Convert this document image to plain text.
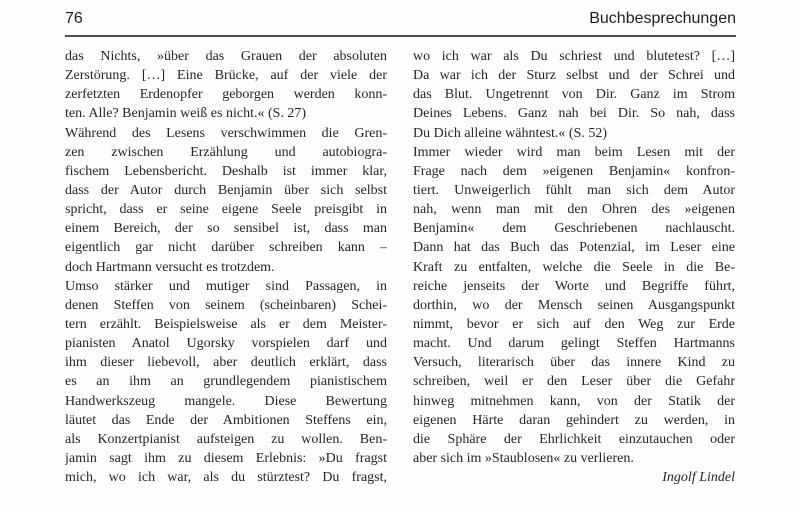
76	Buchbesprechungen
das Nichts, »über das Grauen der absoluten
Zerstörung. […] Eine Brücke, auf der viele der
zerfetzten Erdenopfer geborgen werden konn-
ten. Alle? Benjamin weiß es nicht.« (S. 27)
Während des Lesens verschwimmen die Gren-
zen zwischen Erzählung und autobiogra-
fischem Lebensbericht. Deshalb ist immer klar,
dass der Autor durch Benjamin über sich selbst
spricht, dass er seine eigene Seele preisgibt in
einem Bereich, der so sensibel ist, dass man
eigentlich gar nicht darüber schreiben kann –
doch Hartmann versucht es trotzdem.
Umso stärker und mutiger sind Passagen, in
denen Steffen von seinem (scheinbaren) Schei-
tern erzählt. Beispielsweise als er dem Meister-
pianisten Anatol Ugorsky vorspielen darf und
ihm dieser liebevoll, aber deutlich erklärt, dass
es an ihm an grundlegendem pianistischem
Handwerkszeug mangele. Diese Bewertung
läutet das Ende der Ambitionen Steffens ein,
als Konzertpianist aufsteigen zu wollen. Ben-
jamin sagt ihm zu diesem Erlebnis: »Du fragst
mich, wo ich war, als du stürztest? Du fragst,
wo ich war als Du schriest und blutetest? […]
Da war ich der Sturz selbst und der Schrei und
das Blut. Ungetrennt von Dir. Ganz im Strom
Deines Lebens. Ganz nah bei Dir. So nah, dass
Du Dich alleine wähntest.« (S. 52)
Immer wieder wird man beim Lesen mit der
Frage nach dem »eigenen Benjamin« konfron-
tiert. Unweigerlich fühlt man sich dem Autor
nah, wenn man mit den Ohren des »eigenen
Benjamin« dem Geschriebenen nachlauscht.
Dann hat das Buch das Potenzial, im Leser eine
Kraft zu entfalten, welche die Seele in die Be-
reiche jenseits der Worte und Begriffe führt,
dorthin, wo der Mensch seinen Ausgangspunkt
nimmt, bevor er sich auf den Weg zur Erde
macht. Und darum gelingt Steffen Hartmanns
Versuch, literarisch über das innere Kind zu
schreiben, weil er den Leser über die Gefahr
hinweg mitnehmen kann, von der Statik der
eigenen Härte daran gehindert zu werden, in
die Sphäre der Ehrlichkeit einzutauchen oder
aber sich im »Staublosen« zu verlieren.
Ingolf Lindel
